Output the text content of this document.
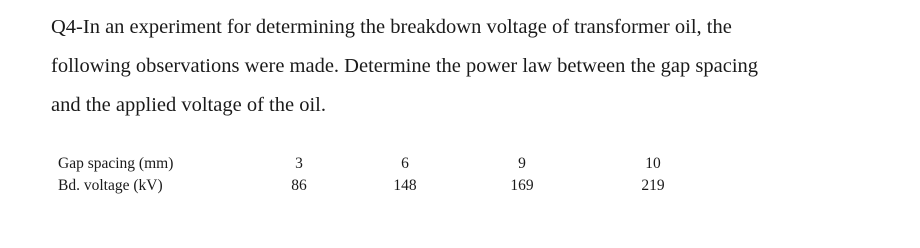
Q4-In an experiment for determining the breakdown voltage of transformer oil, the
following observations were made. Determine the power law between the gap spacing
and the applied voltage of the oil.
Gap spacing (mm)	3	6	9	10
Bd. voltage (kV)	86	148	169	219
